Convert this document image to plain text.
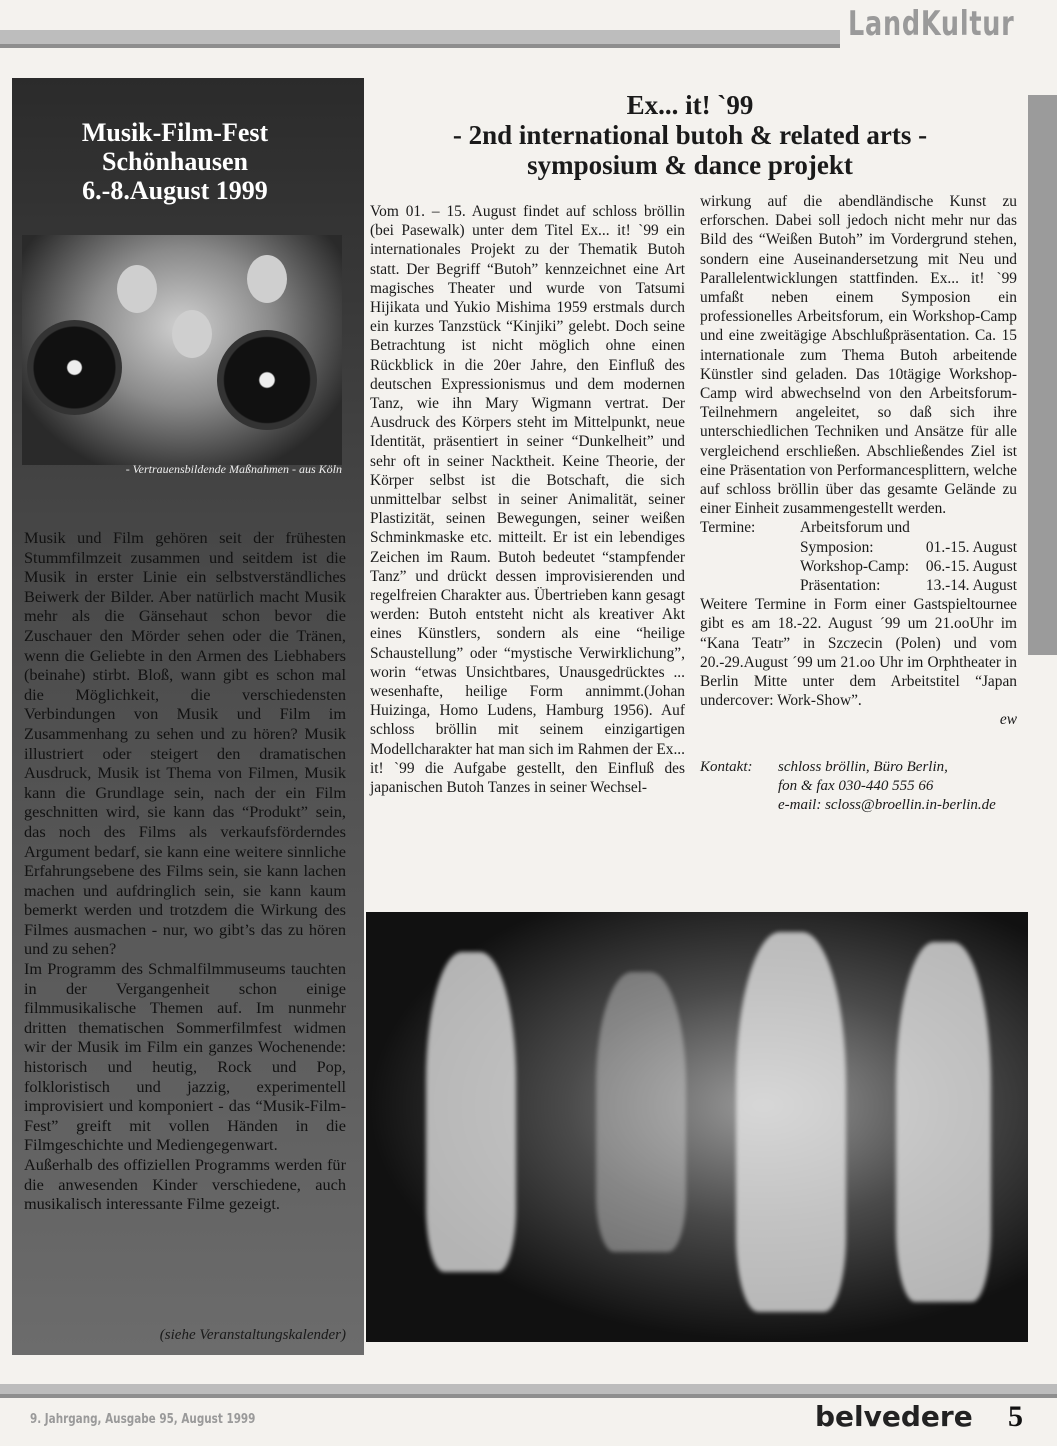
LandKultur
Musik-Film-Fest
Schönhausen
6.-8.August 1999
- Vertrauensbildende Maßnahmen - aus Köln

Musik und Film gehören seit der frühesten Stummfilmzeit zusammen und seitdem ist die Musik in erster Linie ein selbstverständliches Beiwerk der Bilder. Aber natürlich macht Musik mehr als die Gänsehaut schon bevor die Zuschauer den Mörder sehen oder die Tränen, wenn die Geliebte in den Armen des Liebhabers (beinahe) stirbt. Bloß, wann gibt es schon mal die Möglichkeit, die verschiedensten Verbindungen von Musik und Film im Zusammenhang zu sehen und zu hören? Musik illustriert oder steigert den dramatischen Ausdruck, Musik ist Thema von Filmen, Musik kann die Grundlage sein, nach der ein Film geschnitten wird, sie kann das “Produkt” sein, das noch des Films als verkaufsförderndes Argument bedarf, sie kann eine weitere sinnliche Erfahrungsebene des Films sein, sie kann lachen machen und aufdringlich sein, sie kann kaum bemerkt werden und trotzdem die Wirkung des Filmes ausmachen - nur, wo gibt’s das zu hören und zu sehen?

Im Programm des Schmalfilmmuseums tauchten in der Vergangenheit schon einige filmmusikalische Themen auf. Im nunmehr dritten thematischen Sommerfilmfest widmen wir der Musik im Film ein ganzes Wochenende: historisch und heutig, Rock und Pop, folkloristisch und jazzig, experimentell improvisiert und komponiert - das “Musik-Film-Fest” greift mit vollen Händen in die Filmgeschichte und Mediengegenwart.

Außerhalb des offiziellen Programms werden für die anwesenden Kinder verschiedene, auch musikalisch interessante Filme gezeigt.

(siehe Veranstaltungskalender)
Ex... it! `99
- 2nd international butoh & related arts -
symposium & dance projekt
Vom 01. – 15. August findet auf schloss bröllin (bei Pasewalk) unter dem Titel Ex... it! `99 ein internationales Projekt zu der Thematik Butoh statt. Der Begriff “Butoh” kennzeichnet eine Art magisches Theater und wurde von Tatsumi Hijikata und Yukio Mishima 1959 erstmals durch ein kurzes Tanzstück “Kinjiki” gelebt. Doch seine Betrachtung ist nicht möglich ohne einen Rückblick in die 20er Jahre, den Einfluß des deutschen Expressionismus und dem modernen Tanz, wie ihn Mary Wigmann vertrat. Der Ausdruck des Körpers steht im Mittelpunkt, neue Identität, präsentiert in seiner “Dunkelheit” und sehr oft in seiner Nacktheit. Keine Theorie, der Körper selbst ist die Botschaft, die sich unmittelbar selbst in seiner Animalität, seiner Plastizität, seinen Bewegungen, seiner weißen Schminkmaske etc. mitteilt. Er ist ein lebendiges Zeichen im Raum. Butoh bedeutet “stampfender Tanz” und drückt dessen improvisierenden und regelfreien Charakter aus. Übertrieben kann gesagt werden: Butoh entsteht nicht als kreativer Akt eines Künstlers, sondern als eine “heilige Schaustellung” oder “mystische Verwirklichung”, worin “etwas Unsichtbares, Unausgedrücktes ... wesenhafte, heilige Form annimmt.(Johan Huizinga, Homo Ludens, Hamburg 1956). Auf schloss bröllin mit seinem einzigartigen Modellcharakter hat man sich im Rahmen der Ex... it! `99 die Aufgabe gestellt, den Einfluß des japanischen Butoh Tanzes in seiner Wechsel-
wirkung auf die abendländische Kunst zu erforschen. Dabei soll jedoch nicht mehr nur das Bild des “Weißen Butoh” im Vordergrund stehen, sondern eine Auseinandersetzung mit Neu und Parallelentwicklungen stattfinden. Ex... it! `99 umfaßt neben einem Symposion ein professionelles Arbeitsforum, ein Workshop-Camp und eine zweitägige Abschlußpräsentation. Ca. 15 internationale zum Thema Butoh arbeitende Künstler sind geladen. Das 10tägige Workshop-Camp wird abwechselnd von den Arbeitsforum-Teilnehmern angeleitet, so daß sich ihre unterschiedlichen Techniken und Ansätze für alle vergleichend erschließen. Abschließendes Ziel ist eine Präsentation von Performancesplittern, welche auf schloss bröllin über das gesamte Gelände zu einer Einheit zusammengestellt werden.
Termine:	Arbeitsforum und
Symposion:	01.-15. August
Workshop-Camp: 06.-15. August
Präsentation:	13.-14. August
Weitere Termine in Form einer Gastspieltournee gibt es am 18.-22. August ´99 um 21.ooUhr im “Kana Teatr” in Szczecin (Polen) und vom 20.-29.August ´99 um 21.oo Uhr im Orphtheater in Berlin Mitte unter dem Arbeitstitel “Japan undercover: Work-Show”.
ew
Kontakt: schloss bröllin, Büro Berlin,
fon & fax 030-440 555 66
e-mail: scloss@broellin.in-berlin.de
9. Jahrgang, Ausgabe 95, August 1999	belvedere 5
